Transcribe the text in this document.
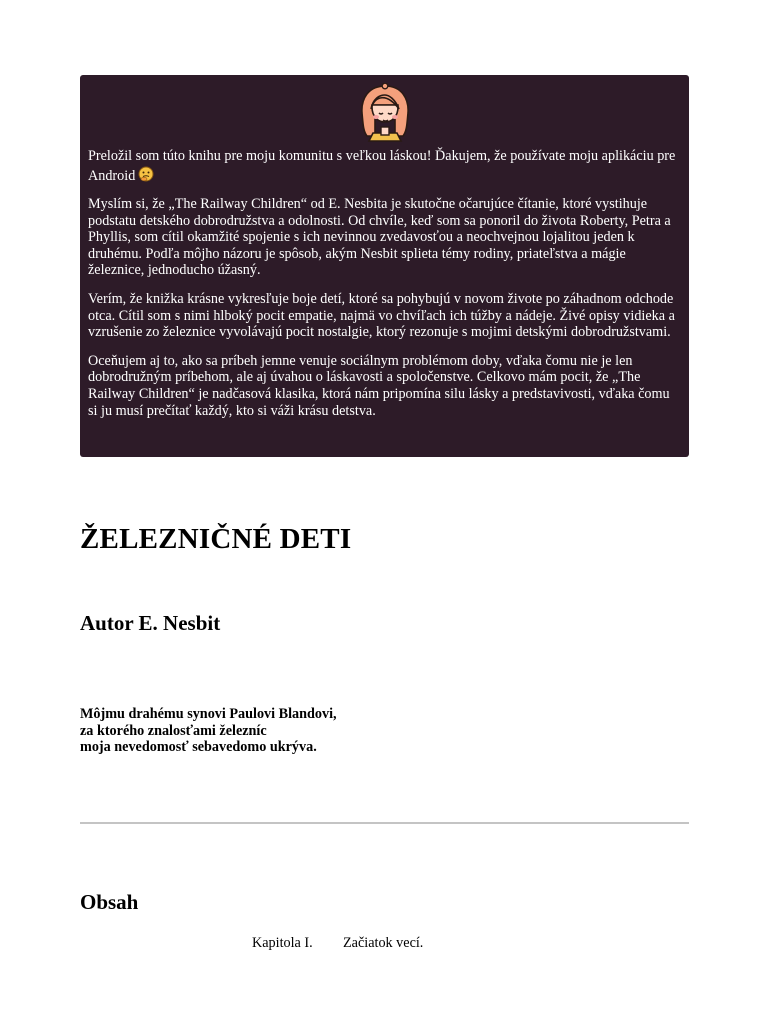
Preložil som túto knihu pre moju komunitu s veľkou láskou! Ďakujem, že používate moju aplikáciu pre Android

Myslím si, že „The Railway Children“ od E. Nesbita je skutočne očarujúce čítanie, ktoré vystihuje podstatu detského dobrodružstva a odolnosti. Od chvíle, keď som sa ponoril do života Roberty, Petra a Phyllis, som cítil okamžité spojenie s ich nevinnou zvedavosťou a neochvejnou lojalitou jeden k druhému. Podľa môjho názoru je spôsob, akým Nesbit splieta témy rodiny, priateľstva a mágie železnice, jednoducho úžasný.

Verím, že knižka krásne vykresľuje boje detí, ktoré sa pohybujú v novom živote po záhadnom odchode otca. Cítil som s nimi hlboký pocit empatie, najmä vo chvíľach ich túžby a nádeje. Živé opisy vidieka a vzrušenie zo železnice vyvolávajú pocit nostalgie, ktorý rezonuje s mojimi detskými dobrodružstvami.

Oceňujem aj to, ako sa príbeh jemne venuje sociálnym problémom doby, vďaka čomu nie je len dobrodružným príbehom, ale aj úvahou o láskavosti a spoločenstve. Celkovo mám pocit, že „The Railway Children“ je nadčasová klasika, ktorá nám pripomína silu lásky a predstavivosti, vďaka čomu si ju musí prečítať každý, kto si váži krásu detstva.

ŽELEZNIČNÉ DETI
Autor E. Nesbit

Môjmu drahému synovi Paulovi Blandovi,
za ktorého znalosťami železníc
moja nevedomosť sebavedomo ukrýva.

Obsah
Kapitola I. Začiatok vecí.
